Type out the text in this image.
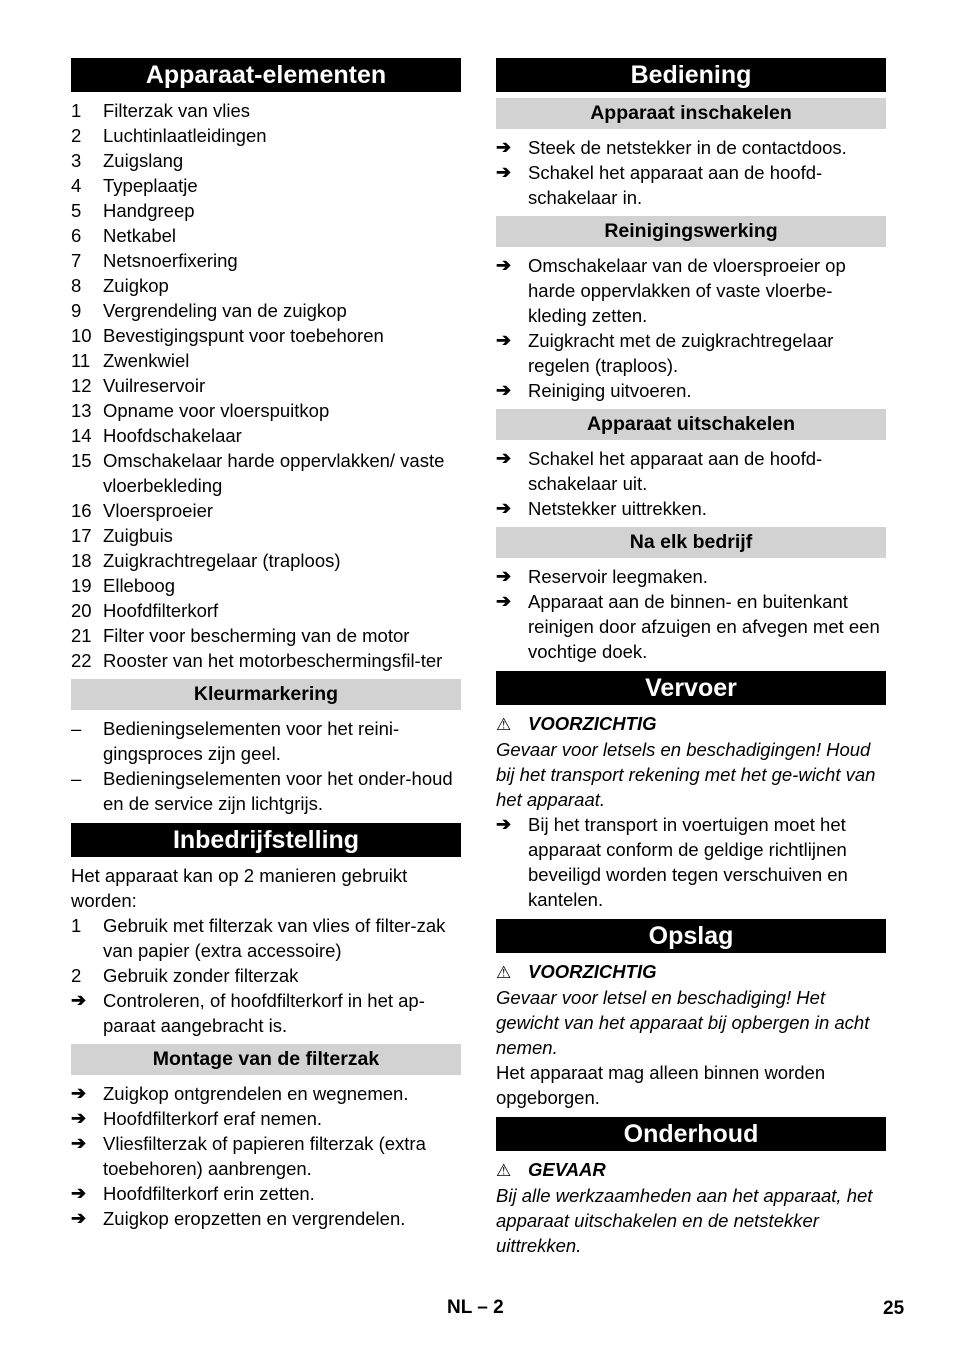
Apparaat-elementen
1	Filterzak van vlies
2	Luchtinlaatleidingen
3	Zuigslang
4	Typeplaatje
5	Handgreep
6	Netkabel
7	Netsnoerfixering
8	Zuigkop
9	Vergrendeling van de zuigkop
10 Bevestigingspunt voor toebehoren
11 Zwenkwiel
12 Vuilreservoir
13 Opname voor vloerspuitkop
14 Hoofdschakelaar
15 Omschakelaar harde oppervlakken/ vaste vloerbekleding
16 Vloersproeier
17 Zuigbuis
18 Zuigkrachtregelaar (traploos)
19 Elleboog
20 Hoofdfilterkorf
21 Filter voor bescherming van de motor
22 Rooster van het motorbeschermingsfil-ter
Kleurmarkering
–	Bedieningselementen voor het reini-gingsproces zijn geel.
–	Bedieningselementen voor het onder-houd en de service zijn lichtgrijs.
Inbedrijfstelling
Het apparaat kan op 2 manieren gebruikt worden:
1	Gebruik met filterzak van vlies of filter-zak van papier (extra accessoire)
2	Gebruik zonder filterzak
➔ Controleren, of hoofdfilterkorf in het ap-paraat aangebracht is.
Montage van de filterzak
➔ Zuigkop ontgrendelen en wegnemen.
➔ Hoofdfilterkorf eraf nemen.
➔ Vliesfilterzak of papieren filterzak (extra toebehoren) aanbrengen.
➔ Hoofdfilterkorf erin zetten.
➔ Zuigkop eropzetten en vergrendelen.
Bediening
Apparaat inschakelen
➔ Steek de netstekker in de contactdoos.
➔ Schakel het apparaat aan de hoofd-schakelaar in.
Reinigingswerking
➔ Omschakelaar van de vloersproeier op harde oppervlakken of vaste vloerbe-kleding zetten.
➔ Zuigkracht met de zuigkrachtregelaar regelen (traploos).
➔ Reiniging uitvoeren.
Apparaat uitschakelen
➔ Schakel het apparaat aan de hoofd-schakelaar uit.
➔ Netstekker uittrekken.
Na elk bedrijf
➔ Reservoir leegmaken.
➔ Apparaat aan de binnen- en buitenkant reinigen door afzuigen en afvegen met een vochtige doek.
Vervoer
⚠ VOORZICHTIG
Gevaar voor letsels en beschadigingen! Houd bij het transport rekening met het ge-wicht van het apparaat.
➔ Bij het transport in voertuigen moet het apparaat conform de geldige richtlijnen beveiligd worden tegen verschuiven en kantelen.
Opslag
⚠ VOORZICHTIG
Gevaar voor letsel en beschadiging! Het gewicht van het apparaat bij opbergen in acht nemen.
Het apparaat mag alleen binnen worden opgeborgen.
Onderhoud
⚠ GEVAAR
Bij alle werkzaamheden aan het apparaat, het apparaat uitschakelen en de netstekker uittrekken.
NL – 2	25
